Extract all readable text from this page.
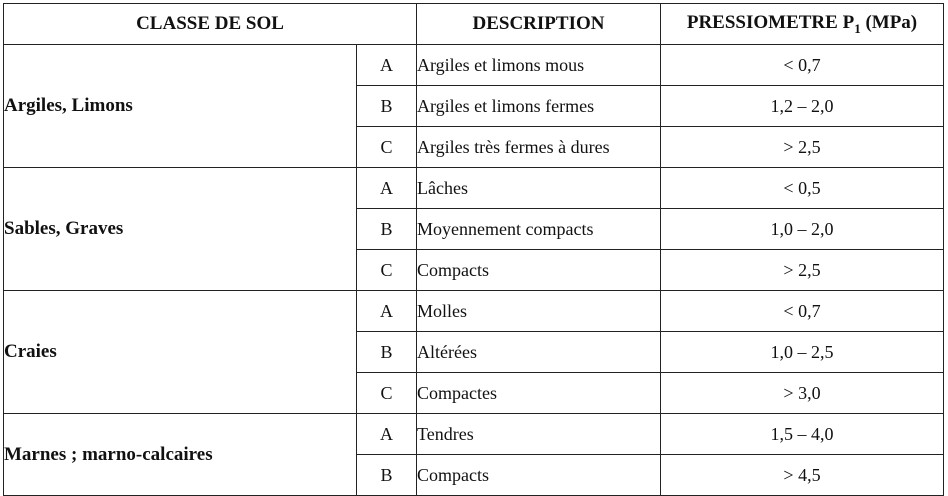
CLASSE DE SOL		DESCRIPTION	PRESSIOMETRE $P_1$ (MPa)
Argiles, Limons	A	Argiles et limons mous	< 0,7
	B	Argiles et limons fermes	1,2 – 2,0
	C	Argiles très fermes à dures	> 2,5
Sables, Graves	A	Lâches	< 0,5
	B	Moyennement compacts	1,0 – 2,0
	C	Compacts	> 2,5
Craies	A	Molles	< 0,7
	B	Altérées	1,0 – 2,5
	C	Compactes	> 3,0
Marnes ; marno-calcaires	A	Tendres	1,5 – 4,0
	B	Compacts	> 4,5
